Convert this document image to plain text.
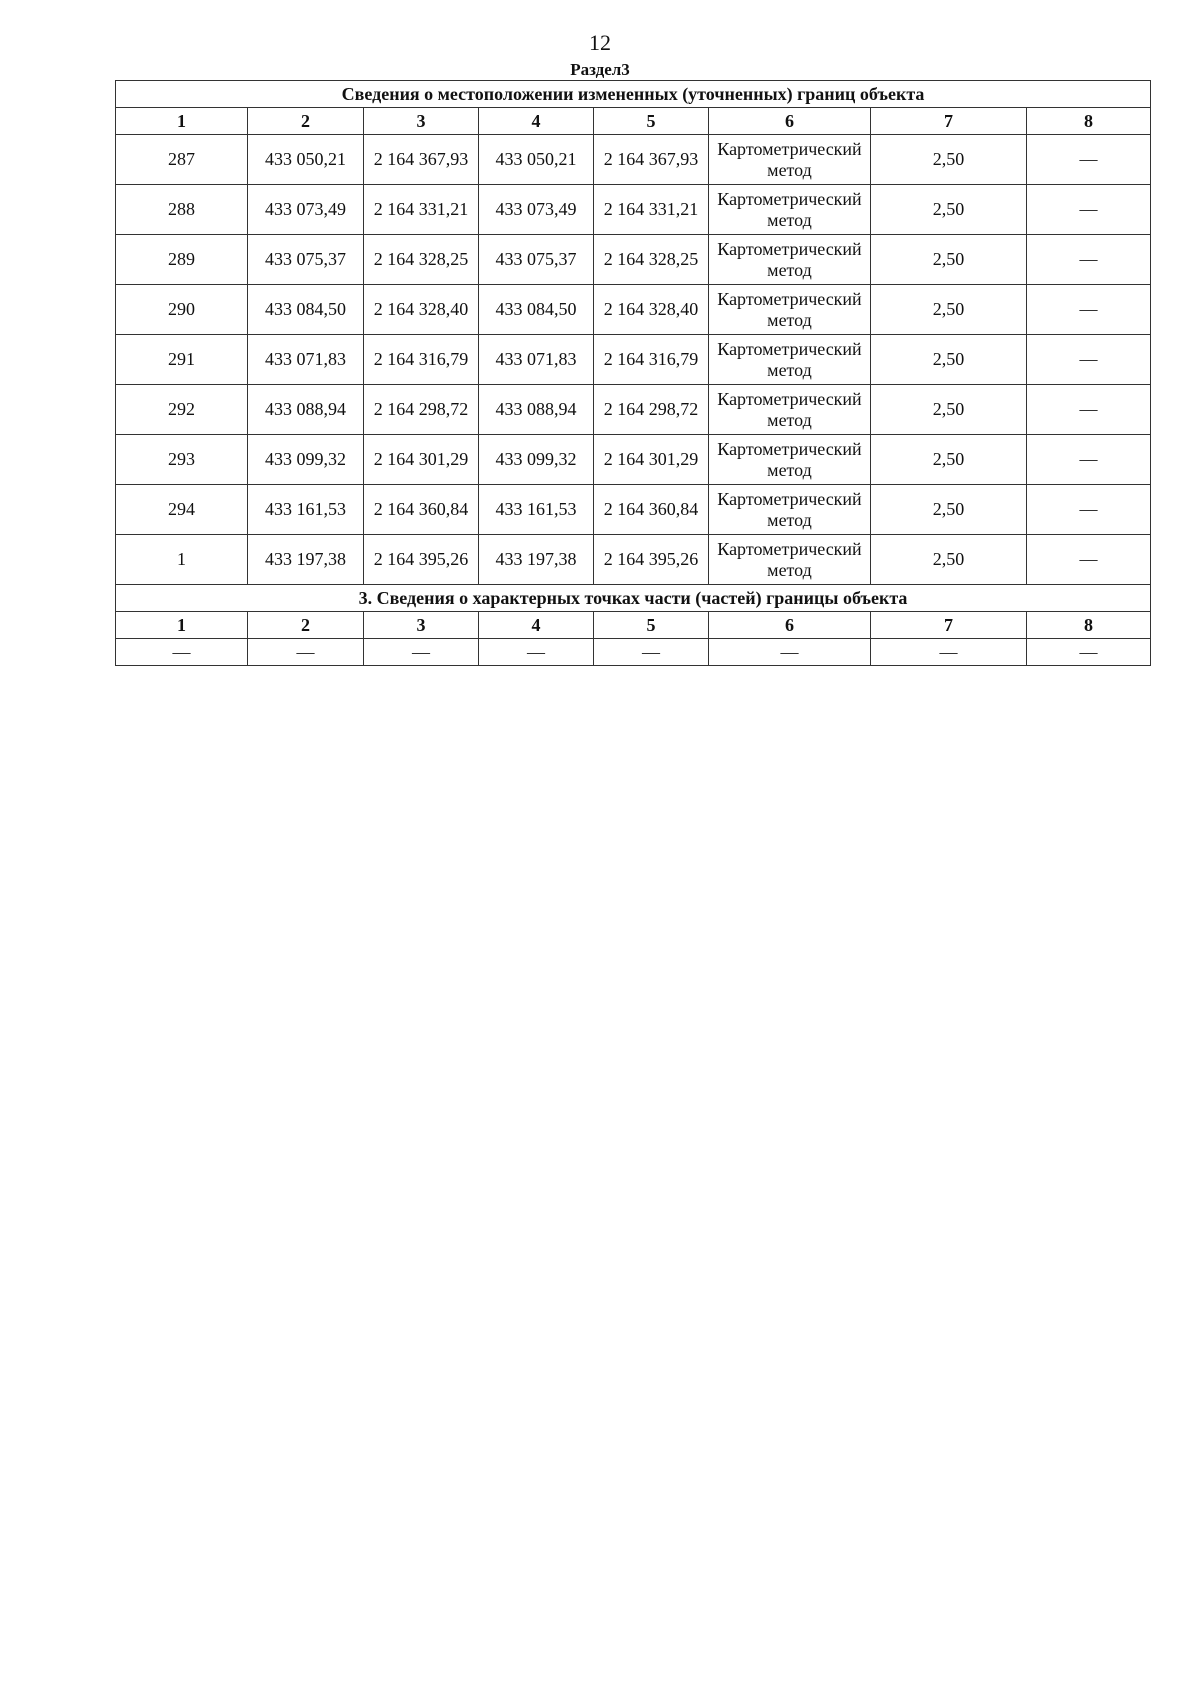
12
Раздел3
Сведения о местоположении измененных (уточненных) границ объекта							
1	2	3	4	5	6	7	8
287	433 050,21	2 164 367,93	433 050,21	2 164 367,93	Картометрический метод	2,50	—
288	433 073,49	2 164 331,21	433 073,49	2 164 331,21	Картометрический метод	2,50	—
289	433 075,37	2 164 328,25	433 075,37	2 164 328,25	Картометрический метод	2,50	—
290	433 084,50	2 164 328,40	433 084,50	2 164 328,40	Картометрический метод	2,50	—
291	433 071,83	2 164 316,79	433 071,83	2 164 316,79	Картометрический метод	2,50	—
292	433 088,94	2 164 298,72	433 088,94	2 164 298,72	Картометрический метод	2,50	—
293	433 099,32	2 164 301,29	433 099,32	2 164 301,29	Картометрический метод	2,50	—
294	433 161,53	2 164 360,84	433 161,53	2 164 360,84	Картометрический метод	2,50	—
1	433 197,38	2 164 395,26	433 197,38	2 164 395,26	Картометрический метод	2,50	—
3. Сведения о характерных точках части (частей) границы объекта							
1	2	3	4	5	6	7	8
—	—	—	—	—	—	—	—
